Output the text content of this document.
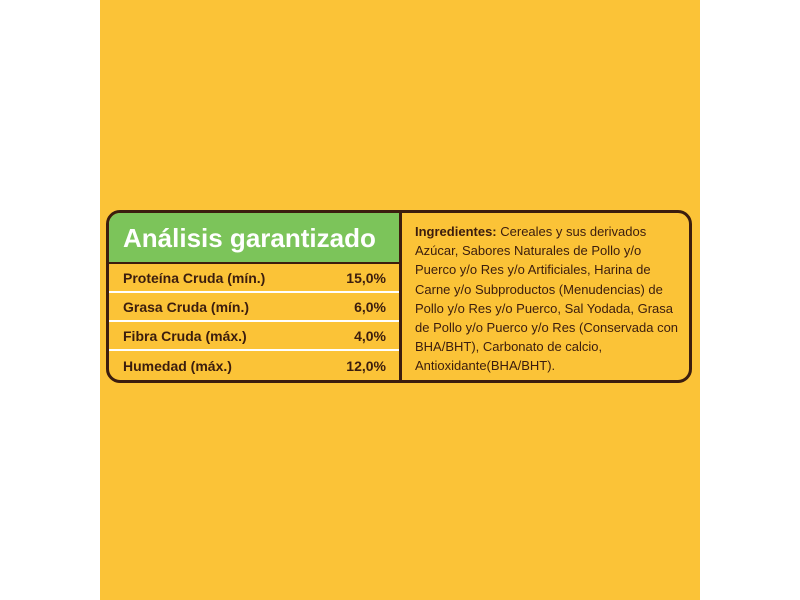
Análisis garantizado
Proteína Cruda (mín.)	15,0%
Grasa Cruda (mín.)	6,0%
Fibra Cruda (máx.)	4,0%
Humedad (máx.)	12,0%
Ingredientes: Cereales y sus derivados Azúcar, Sabores Naturales de Pollo y/o Puerco y/o Res y/o Artificiales, Harina de Carne y/o Subproductos (Menudencias) de Pollo y/o Res y/o Puerco, Sal Yodada, Grasa de Pollo y/o Puerco y/o Res (Conservada con BHA/BHT), Carbonato de calcio, Antioxidante(BHA/BHT).
